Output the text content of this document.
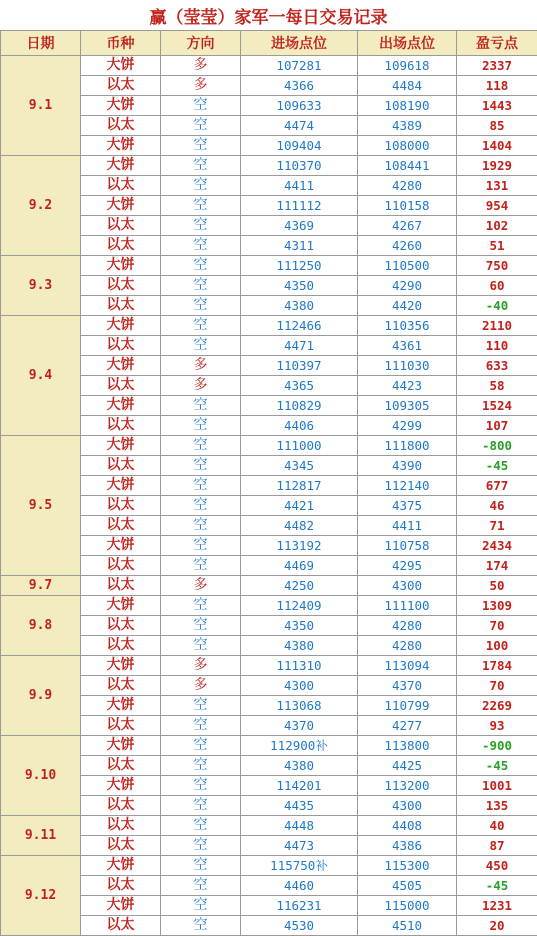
赢（莹莹）家军一每日交易记录
日期	币种	方向	进场点位	出场点位	盈亏点
9.1	大饼	多	107281	109618	2337
	以太	多	4366	4484	118
	大饼	空	109633	108190	1443
	以太	空	4474	4389	85
	大饼	空	109404	108000	1404
9.2	大饼	空	110370	108441	1929
	以太	空	4411	4280	131
	大饼	空	111112	110158	954
	以太	空	4369	4267	102
	以太	空	4311	4260	51
9.3	大饼	空	111250	110500	750
	以太	空	4350	4290	60
	以太	空	4380	4420	-40
9.4	大饼	空	112466	110356	2110
	以太	空	4471	4361	110
	大饼	多	110397	111030	633
	以太	多	4365	4423	58
	大饼	空	110829	109305	1524
	以太	空	4406	4299	107
9.5	大饼	空	111000	111800	-800
	以太	空	4345	4390	-45
	大饼	空	112817	112140	677
	以太	空	4421	4375	46
	以太	空	4482	4411	71
	大饼	空	113192	110758	2434
	以太	空	4469	4295	174
9.7	以太	多	4250	4300	50
9.8	大饼	空	112409	111100	1309
	以太	空	4350	4280	70
	以太	空	4380	4280	100
9.9	大饼	多	111310	113094	1784
	以太	多	4300	4370	70
	大饼	空	113068	110799	2269
	以太	空	4370	4277	93
9.10	大饼	空	112900补	113800	-900
	以太	空	4380	4425	-45
	大饼	空	114201	113200	1001
	以太	空	4435	4300	135
9.11	以太	空	4448	4408	40
	以太	空	4473	4386	87
9.12	大饼	空	115750补	115300	450
	以太	空	4460	4505	-45
	大饼	空	116231	115000	1231
	以太	空	4530	4510	20
